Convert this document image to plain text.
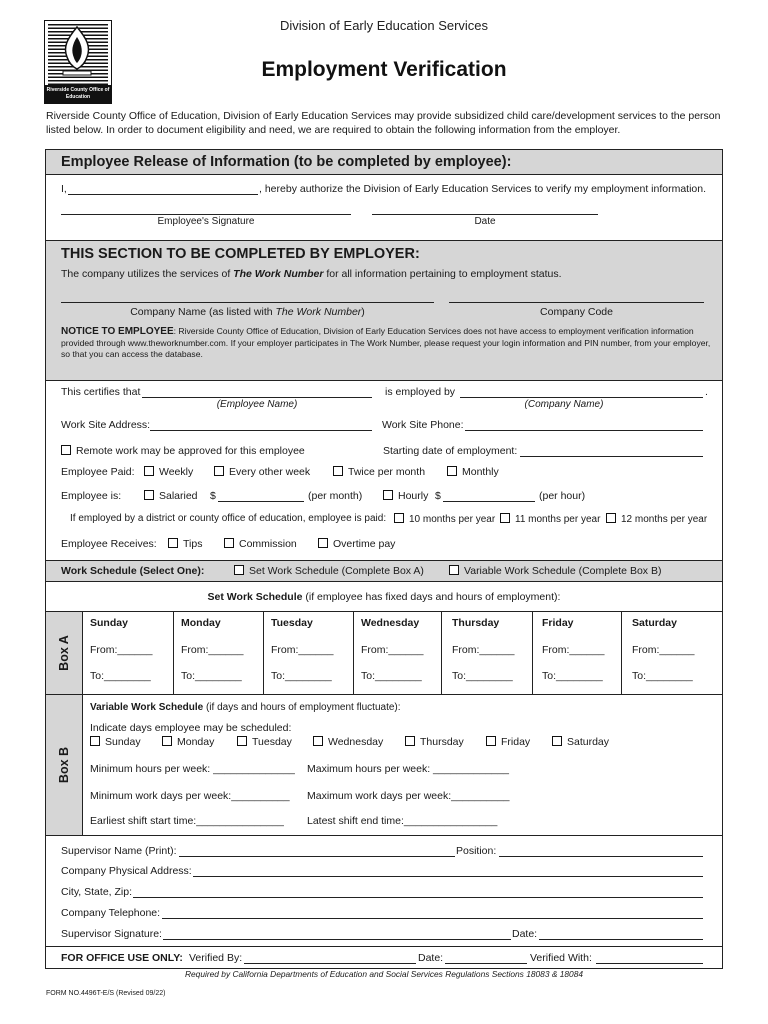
Riverside County Office of Education
Division of Early Education Services
Employment Verification
Riverside County Office of Education, Division of Early Education Services may provide subsidized child care/development services to the person listed below. In order to document eligibility and need, we are required to obtain the following information from the employer.
Employee Release of Information (to be completed by employee):
I,	, hereby authorize the Division of Early Education Services to verify my employment information.
Employee's Signature	Date
THIS SECTION TO BE COMPLETED BY EMPLOYER:
The company utilizes the services of The Work Number for all information pertaining to employment status.
Company Name (as listed with The Work Number)	Company Code
NOTICE TO EMPLOYEE: Riverside County Office of Education, Division of Early Education Services does not have access to employment verification information provided through www.theworknumber.com. If your employer participates in The Work Number, please request your login information and PIN number, from your employer, so that you can access the database.
This certifies that
(Employee Name)
is employed by	.
(Company Name)
Work Site Address:	Work Site Phone:
Remote work may be approved for this employee	Starting date of employment:
Employee Paid:	Weekly	Every other week	Twice per month	Monthly
Employee is:	Salaried $	(per month)	Hourly $	(per hour)
If employed by a district or county office of education, employee is paid:	10 months per year	11 months per year	12 months per year
Employee Receives:	Tips	Commission	Overtime pay
Work Schedule (Select One):	Set Work Schedule (Complete Box A)	Variable Work Schedule (Complete Box B)
Set Work Schedule (if employee has fixed days and hours of employment):
Box A
Sunday	Monday	Tuesday	Wednesday	Thursday	Friday	Saturday
From:______	From:______	From:______	From:______	From:______	From:______	From:______
To:________	To:________	To:________	To:________	To:________	To:________	To:________
Box B
Variable Work Schedule (if days and hours of employment fluctuate):
Indicate days employee may be scheduled:
Sunday	Monday	Tuesday	Wednesday	Thursday	Friday	Saturday
Minimum hours per week: ______________ Maximum hours per week: _____________
Minimum work days per week:__________ Maximum work days per week:__________
Earliest shift start time:_______________ Latest shift end time:________________
Supervisor Name (Print):	Position:
Company Physical Address:
City, State, Zip:
Company Telephone:
Supervisor Signature:	Date:
FOR OFFICE USE ONLY: Verified By:	Date:	Verified With:
Required by California Departments of Education and Social Services Regulations Sections 18083 & 18084
FORM NO.4496T-E/S (Revised 09/22)
